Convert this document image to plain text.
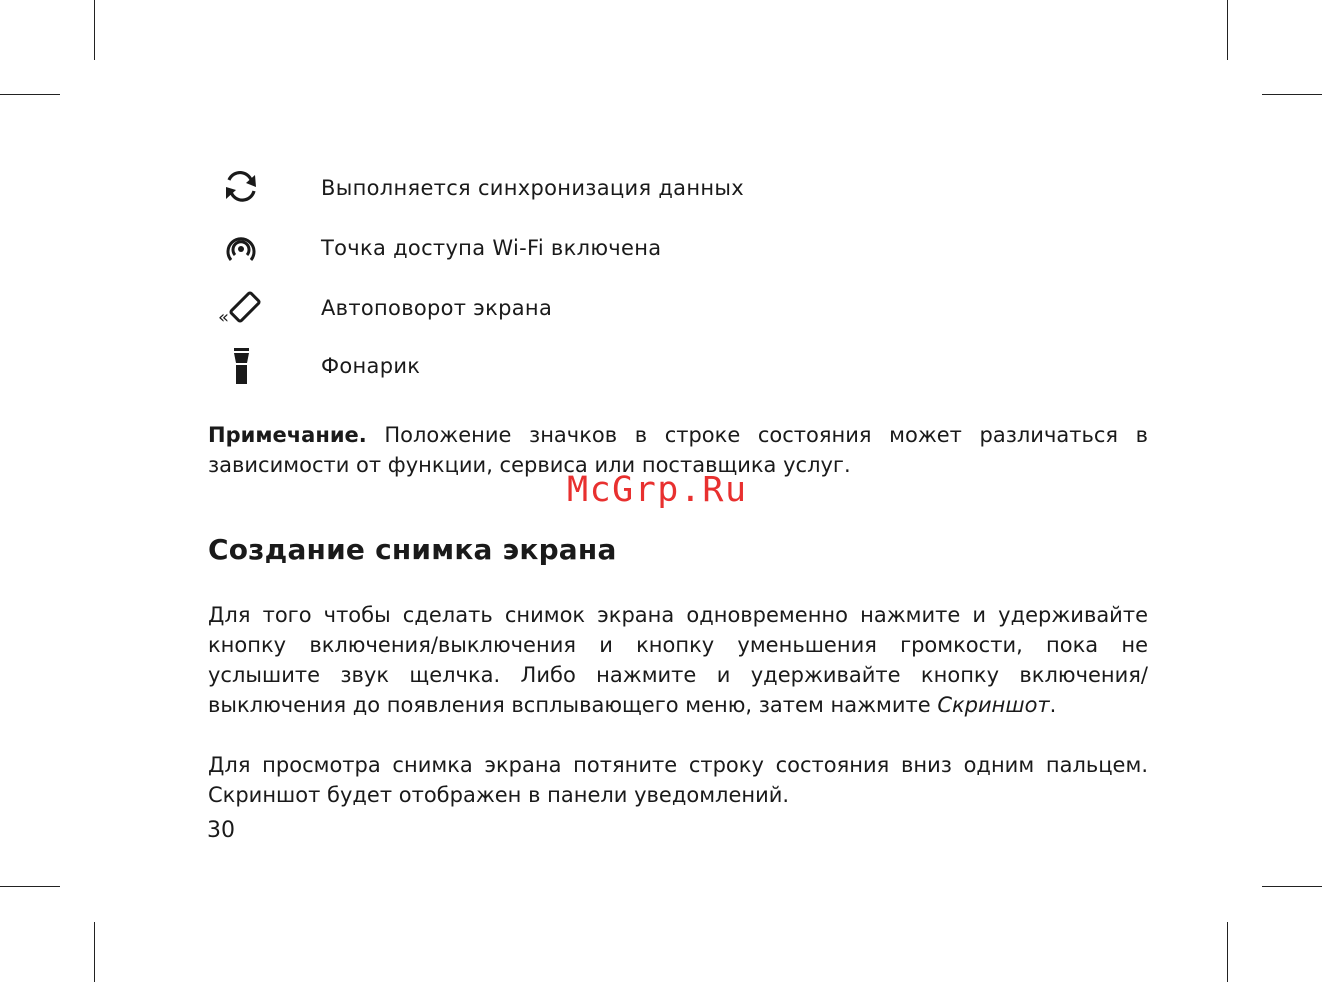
Выполняется синхронизация данных
Точка доступа Wi-Fi включена
«	Автоповорот экрана
Фонарик
Примечание. Положение значков в строке состояния может различаться в зависимости от функции, сервиса или поставщика услуг.
McGrp.Ru
Создание снимка экрана
Для того чтобы сделать снимок экрана одновременно нажмите и удерживайте кнопку включения/выключения и кнопку уменьшения громкости, пока не услышите звук щелчка. Либо нажмите и удерживайте кнопку включения/выключения до появления всплывающего меню, затем нажмите Скриншот.
Для просмотра снимка экрана потяните строку состояния вниз одним пальцем. Скриншот будет отображен в панели уведомлений.
30
